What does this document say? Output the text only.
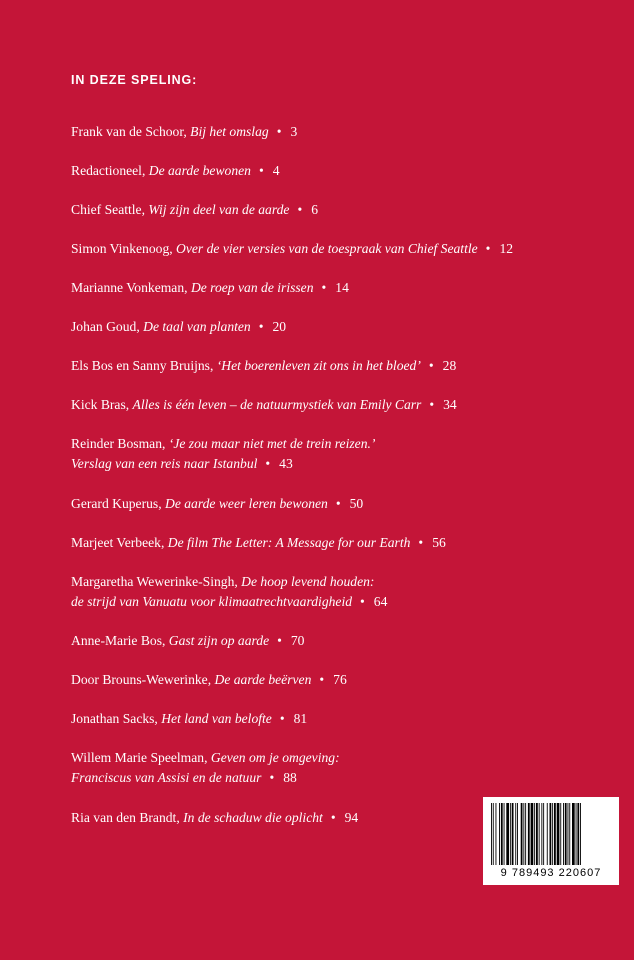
IN DEZE SPELING:
Frank van de Schoor, Bij het omslag • 3
Redactioneel, De aarde bewonen • 4
Chief Seattle, Wij zijn deel van de aarde • 6
Simon Vinkenoog, Over de vier versies van de toespraak van Chief Seattle • 12
Marianne Vonkeman, De roep van de irissen • 14
Johan Goud, De taal van planten • 20
Els Bos en Sanny Bruijns, ‘Het boerenleven zit ons in het bloed’ • 28
Kick Bras, Alles is één leven – de natuurmystiek van Emily Carr • 34
Reinder Bosman, ‘Je zou maar niet met de trein reizen.’
Verslag van een reis naar Istanbul • 43
Gerard Kuperus, De aarde weer leren bewonen • 50
Marjeet Verbeek, De film The Letter: A Message for our Earth • 56
Margaretha Wewerinke-Singh, De hoop levend houden:
de strijd van Vanuatu voor klimaatrechtvaardigheid • 64
Anne-Marie Bos, Gast zijn op aarde • 70
Door Brouns-Wewerinke, De aarde beërven • 76
Jonathan Sacks, Het land van belofte • 81
Willem Marie Speelman, Geven om je omgeving:
Franciscus van Assisi en de natuur • 88
Ria van den Brandt, In de schaduw die oplicht • 94
9 789493 220607
